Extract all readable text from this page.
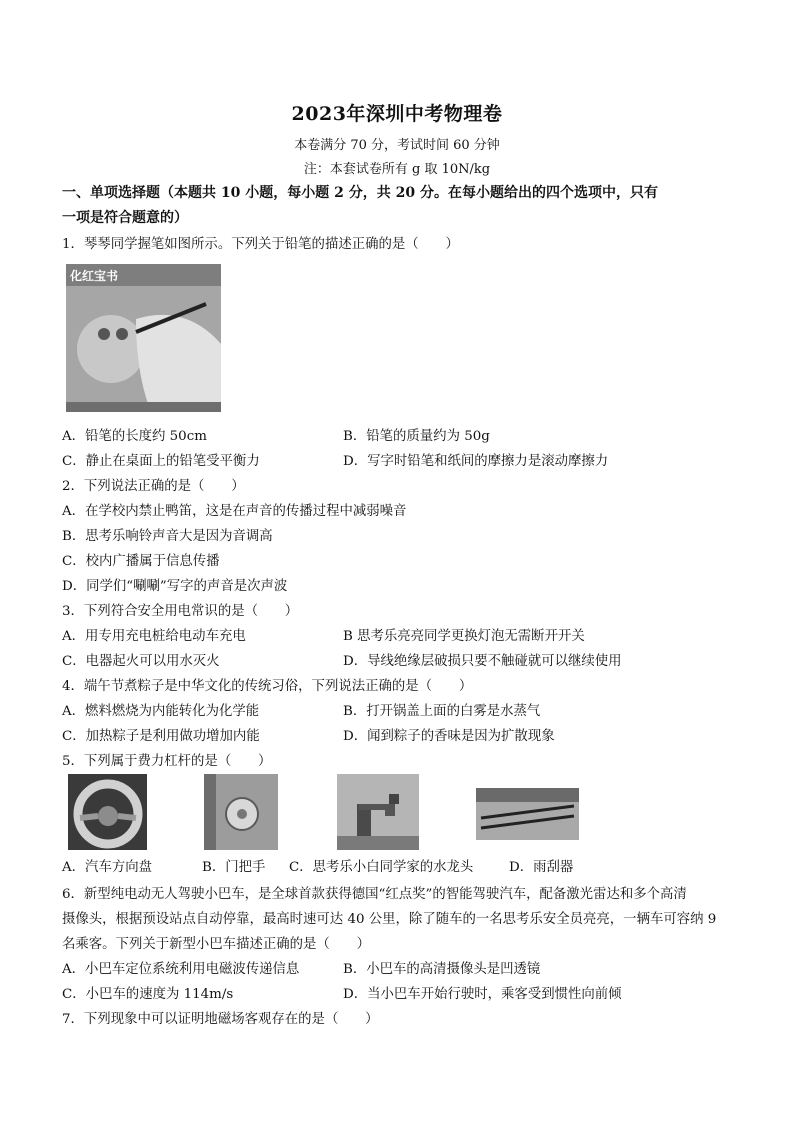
2023年深圳中考物理卷
本卷满分 70 分，考试时间 60 分钟
注：本套试卷所有 g 取 10N/kg
一、单项选择题（本题共 10 小题，每小题 2 分，共 20 分。在每小题给出的四个选项中，只有
一项是符合题意的）
1．琴琴同学握笔如图所示。下列关于铅笔的描述正确的是（　　）
化红宝书
A．铅笔的长度约 50cm	B．铅笔的质量约为 50g
C．静止在桌面上的铅笔受平衡力	D．写字时铅笔和纸间的摩擦力是滚动摩擦力
2．下列说法正确的是（　　）
A．在学校内禁止鸭笛，这是在声音的传播过程中减弱噪音
B．思考乐响铃声音大是因为音调高
C．校内广播属于信息传播
D．同学们“唰唰”写字的声音是次声波
3．下列符合安全用电常识的是（　　）
A．用专用充电桩给电动车充电	B 思考乐亮亮同学更换灯泡无需断开开关
C．电器起火可以用水灭火	D．导线绝缘层破损只要不触碰就可以继续使用
4．端午节煮粽子是中华文化的传统习俗，下列说法正确的是（　　）
A．燃料燃烧为内能转化为化学能	B．打开锅盖上面的白雾是水蒸气
C．加热粽子是利用做功增加内能	D．闻到粽子的香味是因为扩散现象
5．下列属于费力杠杆的是（　　）
A．汽车方向盘	B．门把手 C．思考乐小白同学家的水龙头	D．雨刮器
6．新型纯电动无人驾驶小巴车，是全球首款获得德国“红点奖”的智能驾驶汽车，配备激光雷达和多个高清
摄像头，根据预设站点自动停靠，最高时速可达 40 公里，除了随车的一名思考乐安全员亮亮，一辆车可容纳 9
名乘客。下列关于新型小巴车描述正确的是（　　）
A．小巴车定位系统利用电磁波传递信息	B．小巴车的高清摄像头是凹透镜
C．小巴车的速度为 114m/s	D．当小巴车开始行驶时，乘客受到惯性向前倾
7．下列现象中可以证明地磁场客观存在的是（　　）
